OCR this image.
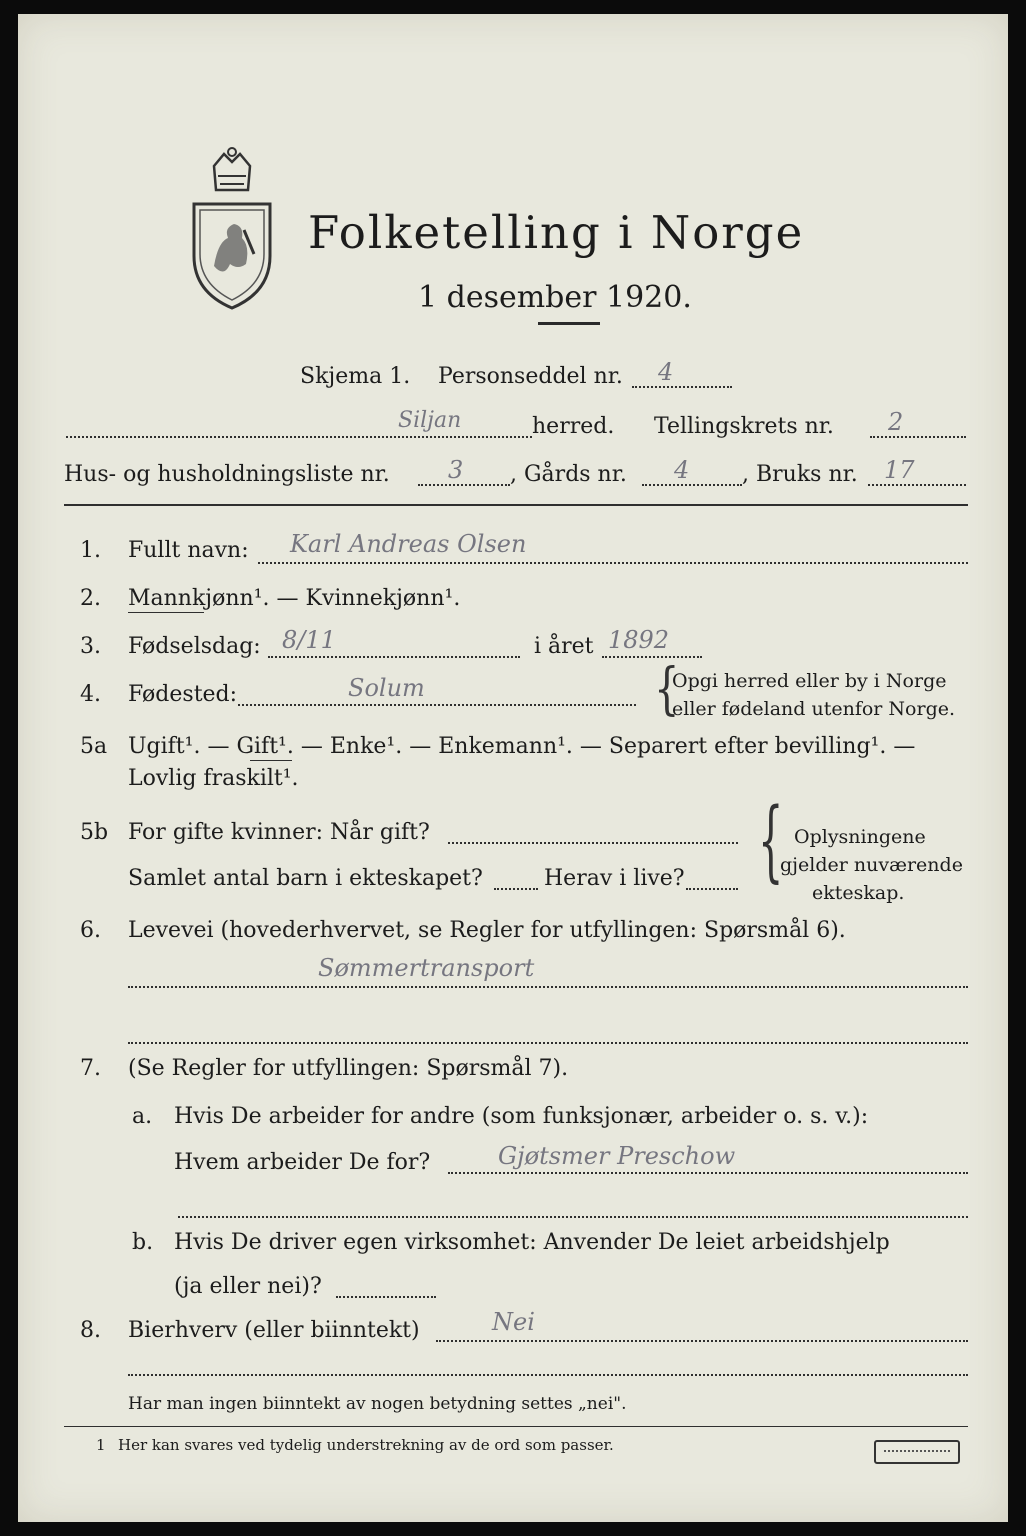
Folketelling i Norge
1 desember 1920.
Skjema 1. Personseddel nr. 4
Siljan	herred. Tellingskrets nr. 2
Hus- og husholdningsliste nr. 3 , Gårds nr. 4 , Bruks nr. 17
1. Fullt navn: Karl Andreas Olsen
2. Mannkjønn¹. — Kvinnekjønn¹.
3. Fødselsdag: 8/11	i året 1892
4. Fødested:	Solum	{
Opgi herred eller by i Norge
eller fødeland utenfor Norge.
5a Ugift¹. — Gift¹. — Enke¹. — Enkemann¹. — Separert efter bevilling¹. —
Lovlig fraskilt¹.
5b For gifte kvinner: Når gift?
Samlet antal barn i ekteskapet?	Herav i live? { Oplysningene
gjelder nuværende
ekteskap.
6. Levevei (hovederhvervet, se Regler for utfyllingen: Spørsmål 6).
Sømmertransport
7. (Se Regler for utfyllingen: Spørsmål 7).
a. Hvis De arbeider for andre (som funksjonær, arbeider o. s. v.):
Hvem arbeider De for?	Gjøtsmer Preschow
b. Hvis De driver egen virksomhet: Anvender De leiet arbeidshjelp
(ja eller nei)?
8. Bierhverv (eller biinntekt)	Nei
Har man ingen biinntekt av nogen betydning settes „nei".
1 Her kan svares ved tydelig understrekning av de ord som passer.
